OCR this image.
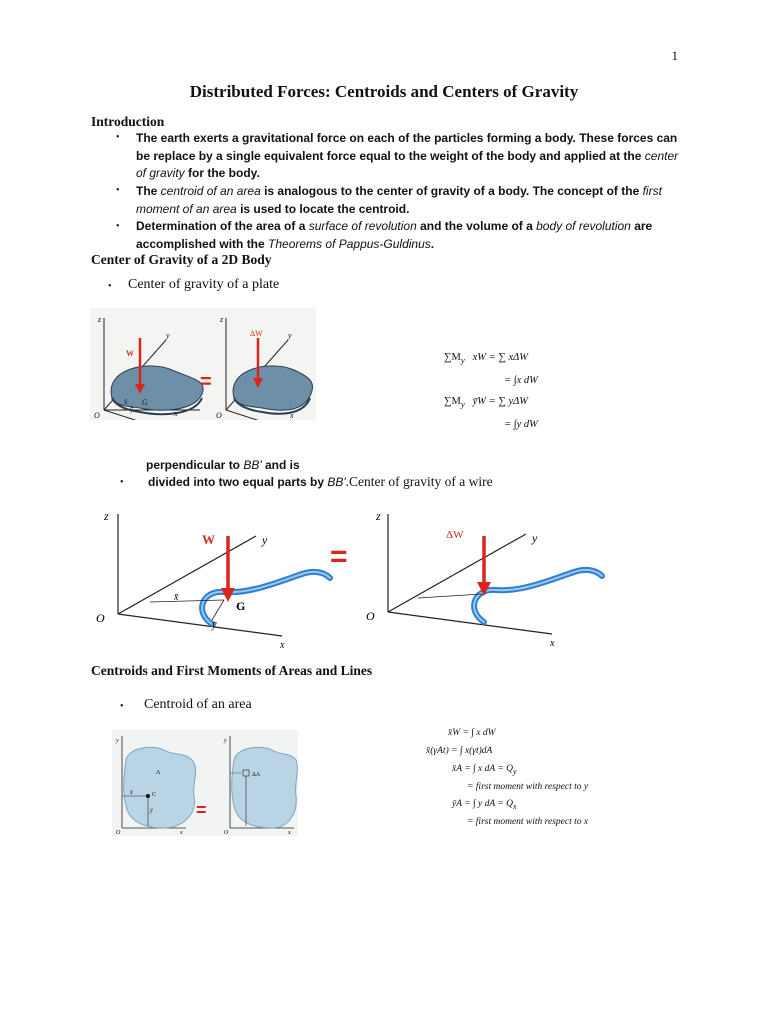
1
Distributed Forces: Centroids and Centers of Gravity
Introduction
• The earth exerts a gravitational force on each of the particles forming a body. These forces can
be replace by a single equivalent force equal to the weight of the body and applied at the center
of gravity for the body.
• The centroid of an area is analogous to the center of gravity of a body. The concept of the first
moment of an area is used to locate the centroid.
• Determination of the area of a surface of revolution and the volume of a body of revolution are
accomplished with the Theorems of Pappus-Guldinus.
Center of Gravity of a 2D Body
• Center of gravity of a plate
W
G
x̄
ȳ
z
y
x
O
=
ΔW
z
y
x
O
$\sum M_y$ xW = ∑ xΔW
= ∫x dW
$\sum M_y$ ȳW = ∑ yΔW
= ∫y dW
perpendicular to BB' and is
• divided into two equal parts by BB'.Center of gravity of a wire
W
G
x̄
ȳ
z
y
x
O
=
ΔW
z
y
x
O
Centroids and First Moments of Areas and Lines
• Centroid of an area
y
x
O
A
C
x̄
ȳ =
ΔA
y
x
O
x̄W = ∫ x dW
x̄(γAt) = ∫ x(γt)dA
x̄A = ∫ x dA = $Q_y$
= first moment with respect to y
ȳA = ∫ y dA = $Q_x$
= first moment with respect to x
